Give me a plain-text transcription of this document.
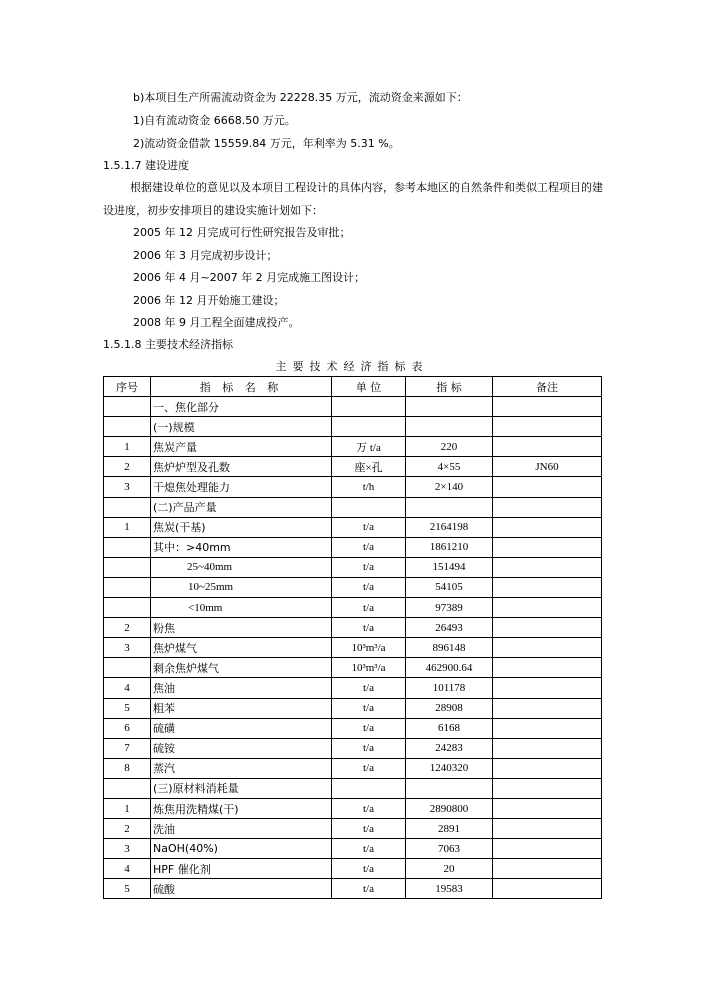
b)本项目生产所需流动资金为 22228.35 万元，流动资金来源如下：
1)自有流动资金 6668.50 万元。
2)流动资金借款 15559.84 万元，年利率为 5.31 %。
1.5.1.7 建设进度
根据建设单位的意见以及本项目工程设计的具体内容，参考本地区的自然条件和类似工程项目的建设进度，初步安排项目的建设实施计划如下：
2005 年 12 月完成可行性研究报告及审批；
2006 年 3 月完成初步设计；
2006 年 4 月~2007 年 2 月完成施工图设计；
2006 年 12 月开始施工建设；
2008 年 9 月工程全面建成投产。
1.5.1.8 主要技术经济指标
主要技术经济指标表
序号	指 标 名 称	单 位	指 标	备注
	一、焦化部分			
	(一)规模			
1	焦炭产量	万 t/a	220	
2	焦炉炉型及孔数	座×孔	4×55	JN60
3	干熄焦处理能力	t/h	2×140	
	(二)产品产量			
1	焦炭(干基)	t/a	2164198	
	其中：>40mm	t/a	1861210	
	25~40mm	t/a	151494	
	10~25mm	t/a	54105	
	<10mm	t/a	97389	
2	粉焦	t/a	26493	
3	焦炉煤气	10³m³/a	896148	
	剩余焦炉煤气	10³m³/a	462900.64	
4	焦油	t/a	101178	
5	粗苯	t/a	28908	
6	硫磺	t/a	6168	
7	硫铵	t/a	24283	
8	蒸汽	t/a	1240320	
	(三)原材料消耗量			
1	炼焦用洗精煤(干)	t/a	2890800	
2	洗油	t/a	2891	
3	NaOH(40%)	t/a	7063	
4	HPF 催化剂	t/a	20	
5	硫酸	t/a	19583	
